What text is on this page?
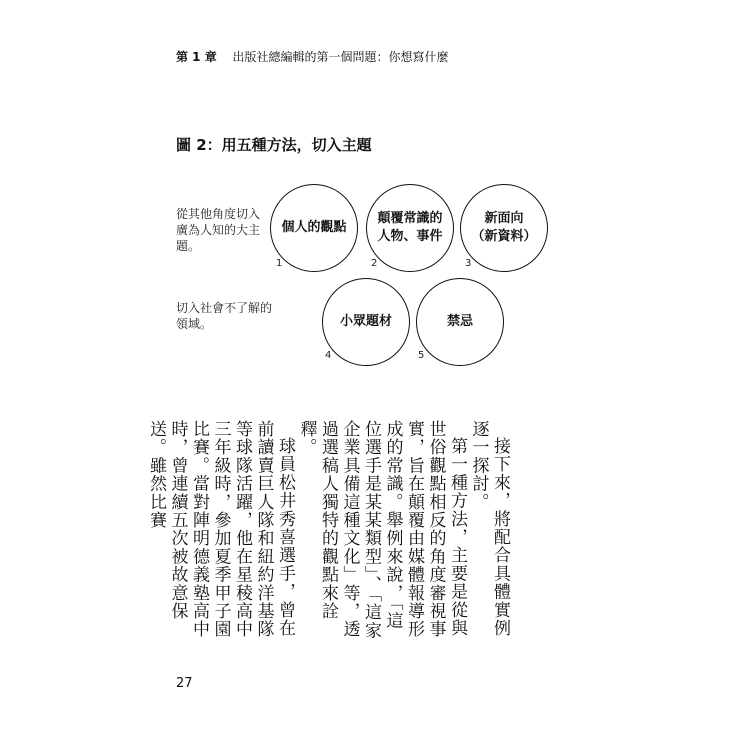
第 1 章 出版社總編輯的第一個問題：你想寫什麼
圖 2：用五種方法，切入主題
從其他角度切入廣為人知的大主題。
切入社會不了解的領域。
個人的觀點
1
顛覆常識的
人物、事件
2
新面向
（新資料）
3
小眾題材
4
禁忌
5

接下來，將配合具體實例逐一探討。

第一種方法，主要是從與世俗觀點相反的角度審視事實，旨在顛覆由媒體報導形成的常識。舉例來說，「這位選手是某某類型」、「這家企業具備這種文化」等，透過選稿人獨特的觀點來詮釋。

球員松井秀喜選手，曾在前讀賣巨人隊和紐約洋基隊等球隊活躍，他在星稜高中三年級時，參加夏季甲子園比賽。當對陣明德義塾高中時，曾連續五次被故意保送。雖然比賽

27
